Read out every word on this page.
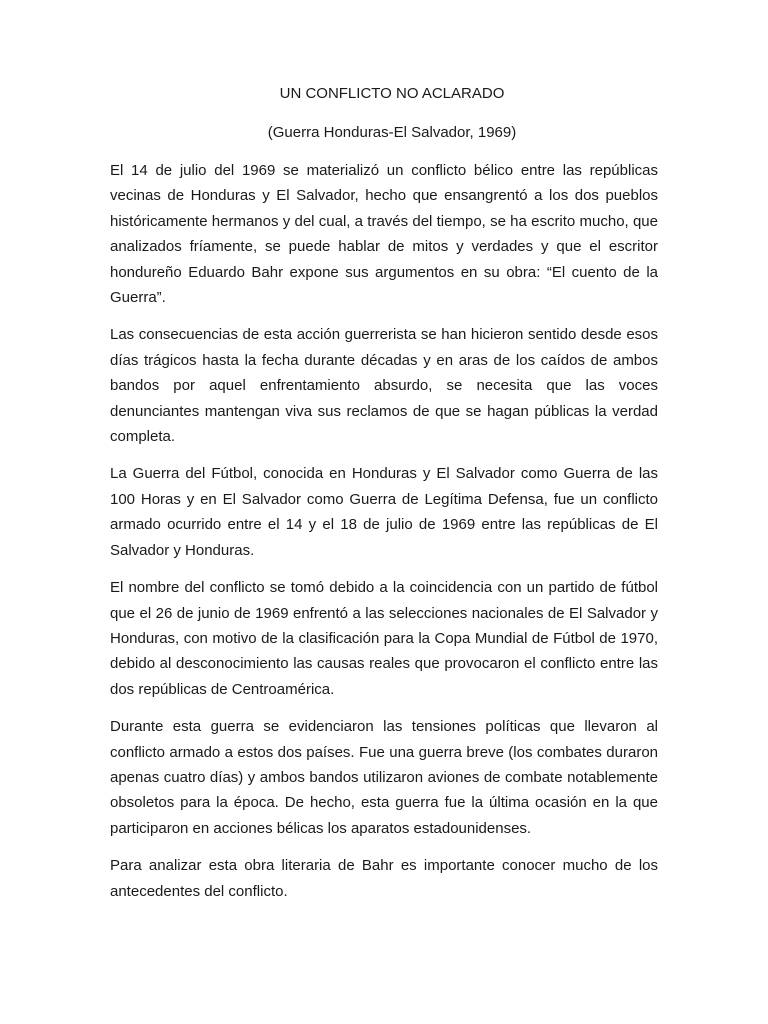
UN CONFLICTO NO ACLARADO

(Guerra Honduras-El Salvador, 1969)

El 14 de julio del 1969 se materializó un conflicto bélico entre las repúblicas vecinas de Honduras y El Salvador, hecho que ensangrentó a los dos pueblos históricamente hermanos y del cual, a través del tiempo, se ha escrito mucho, que analizados fríamente, se puede hablar de mitos y verdades y que el escritor hondureño Eduardo Bahr expone sus argumentos en su obra: “El cuento de la Guerra”.

Las consecuencias de esta acción guerrerista se han hicieron sentido desde esos días trágicos hasta la fecha durante décadas y en aras de los caídos de ambos bandos por aquel enfrentamiento absurdo, se necesita que las voces denunciantes mantengan viva sus reclamos de que se hagan públicas la verdad completa.

La Guerra del Fútbol, conocida en Honduras y El Salvador como Guerra de las 100 Horas y en El Salvador como Guerra de Legítima Defensa, fue un conflicto armado ocurrido entre el 14 y el 18 de julio de 1969 entre las repúblicas de El Salvador y Honduras.

El nombre del conflicto se tomó debido a la coincidencia con un partido de fútbol que el 26 de junio de 1969 enfrentó a las selecciones nacionales de El Salvador y Honduras, con motivo de la clasificación para la Copa Mundial de Fútbol de 1970, debido al desconocimiento las causas reales que provocaron el conflicto entre las dos repúblicas de Centroamérica.

Durante esta guerra se evidenciaron las tensiones políticas que llevaron al conflicto armado a estos dos países. Fue una guerra breve (los combates duraron apenas cuatro días) y ambos bandos utilizaron aviones de combate notablemente obsoletos para la época. De hecho, esta guerra fue la última ocasión en la que participaron en acciones bélicas los aparatos estadounidenses.

Para analizar esta obra literaria de Bahr es importante conocer mucho de los antecedentes del conflicto.
